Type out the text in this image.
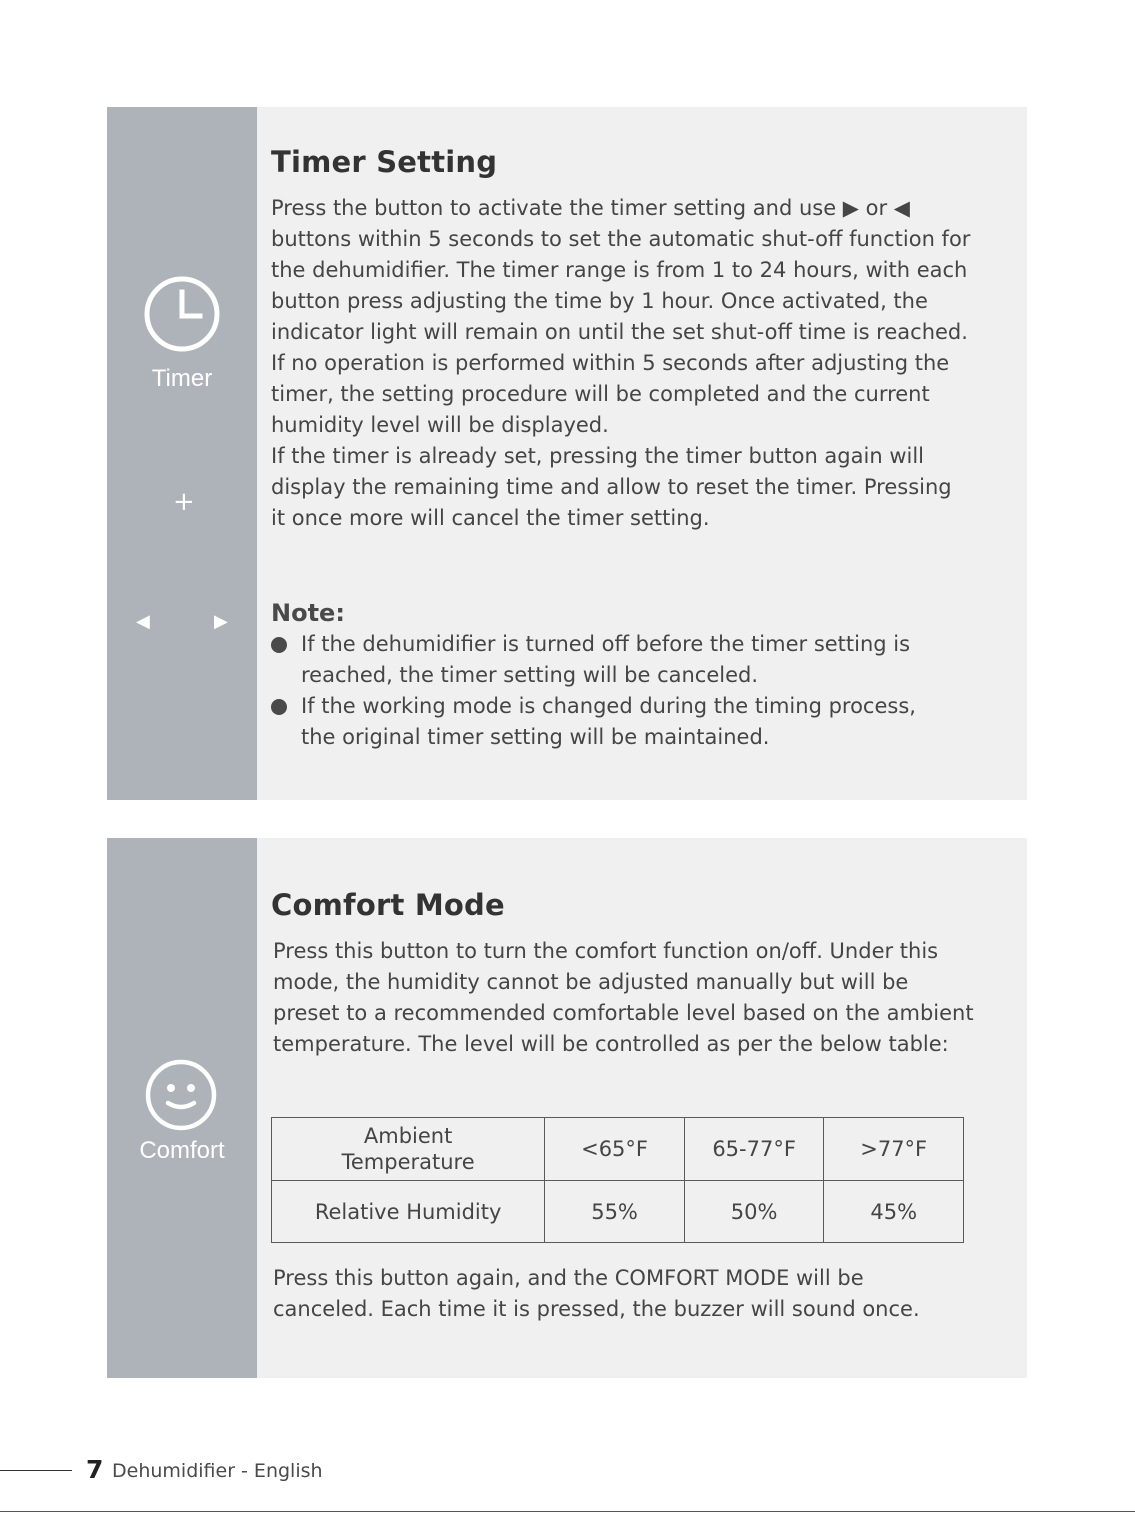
Timer
+
◀	▶
Timer Setting

Press the button to activate the timer setting and use ▶ or ◀

buttons within 5 seconds to set the automatic shut-off function for

the dehumidifier. The timer range is from 1 to 24 hours, with each

button press adjusting the time by 1 hour. Once activated, the

indicator light will remain on until the set shut-off time is reached.

If no operation is performed within 5 seconds after adjusting the

timer, the setting procedure will be completed and the current

humidity level will be displayed.

If the timer is already set, pressing the timer button again will

display the remaining time and allow to reset the timer. Pressing

it once more will cancel the timer setting.

Note:

If the dehumidifier is turned off before the timer setting is
reached, the timer setting will be canceled.
If the working mode is changed during the timing process,
the original timer setting will be maintained.
Comfort
Comfort Mode

Press this button to turn the comfort function on/off. Under this

mode, the humidity cannot be adjusted manually but will be

preset to a recommended comfortable level based on the ambient

temperature. The level will be controlled as per the below table:

Ambient
Temperature	<65°F	65-77°F	>77°F
Relative Humidity	55%	50%	45%

Press this button again, and the COMFORT MODE will be

canceled. Each time it is pressed, the buzzer will sound once.

7 Dehumidifier - English
